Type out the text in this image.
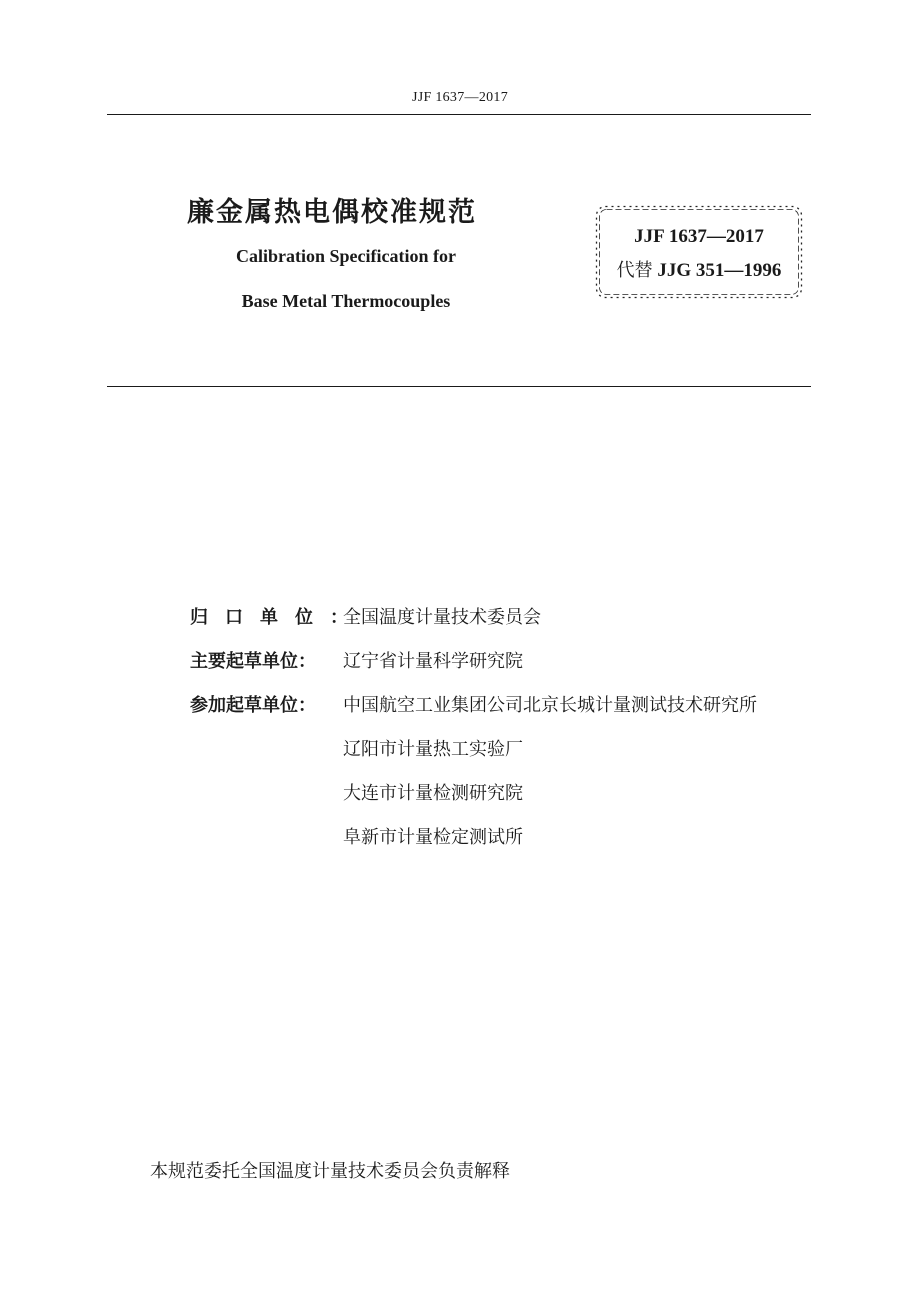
JJF 1637—2017
廉金属热电偶校准规范
Calibration Specification for
Base Metal Thermocouples
JJF 1637—2017
代替 JJG 351—1996
归口单位：
全国温度计量技术委员会
主要起草单位：	辽宁省计量科学研究院
参加起草单位：	中国航空工业集团公司北京长城计量测试技术研究所
辽阳市计量热工实验厂
大连市计量检测研究院
阜新市计量检定测试所
本规范委托全国温度计量技术委员会负责解释
